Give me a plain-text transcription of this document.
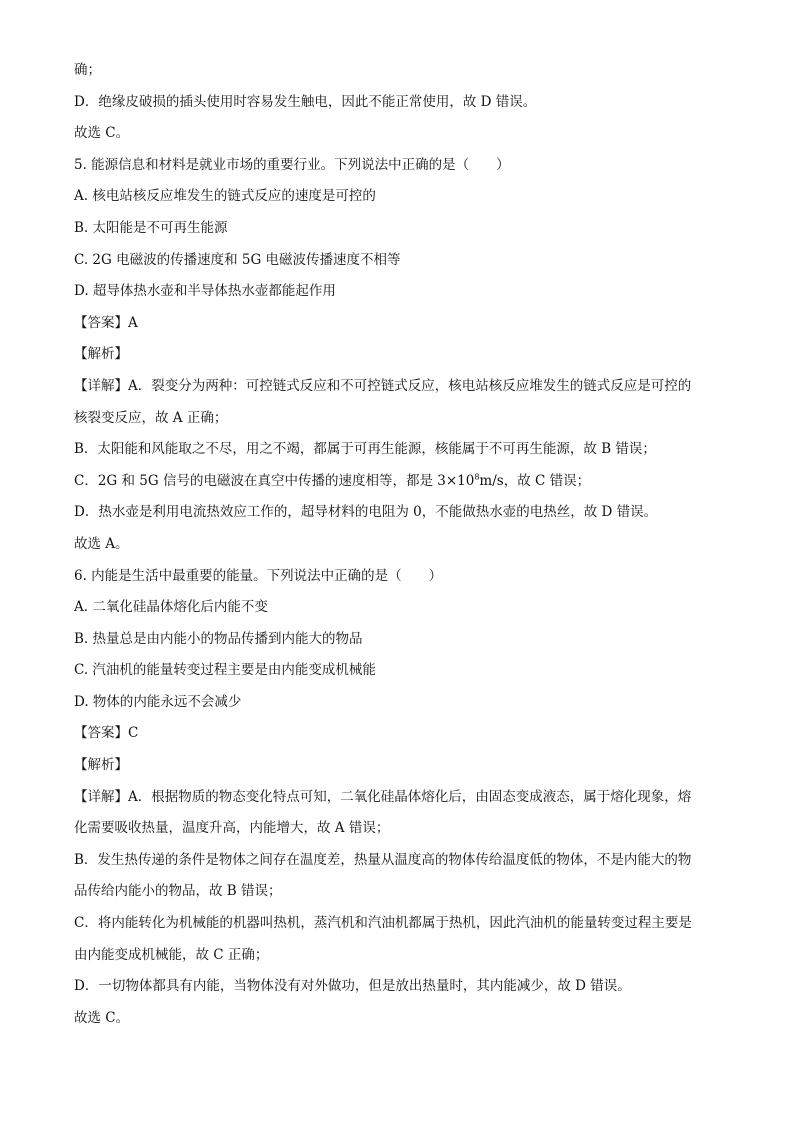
确；
D．绝缘皮破损的插头使用时容易发生触电，因此不能正常使用，故 D 错误。
故选 C。
5. 能源信息和材料是就业市场的重要行业。下列说法中正确的是（　　）
A. 核电站核反应堆发生的链式反应的速度是可控的
B. 太阳能是不可再生能源
C. 2G 电磁波的传播速度和 5G 电磁波传播速度不相等
D. 超导体热水壶和半导体热水壶都能起作用
【答案】A
【解析】
【详解】A．裂变分为两种：可控链式反应和不可控链式反应，核电站核反应堆发生的链式反应是可控的
核裂变反应，故 A 正确；
B．太阳能和风能取之不尽，用之不竭，都属于可再生能源，核能属于不可再生能源，故 B 错误；
C．2G 和 5G 信号的电磁波在真空中传播的速度相等，都是 $3\times 10^8m/s$，故 C 错误；
D．热水壶是利用电流热效应工作的，超导材料的电阻为 0，不能做热水壶的电热丝，故 D 错误。
故选 A。
6. 内能是生活中最重要的能量。下列说法中正确的是（　　）
A. 二氧化硅晶体熔化后内能不变
B. 热量总是由内能小的物品传播到内能大的物品
C. 汽油机的能量转变过程主要是由内能变成机械能
D. 物体的内能永远不会减少
【答案】C
【解析】
【详解】A．根据物质的物态变化特点可知，二氧化硅晶体熔化后，由固态变成液态，属于熔化现象，熔
化需要吸收热量，温度升高，内能增大，故 A 错误；
B．发生热传递的条件是物体之间存在温度差，热量从温度高的物体传给温度低的物体，不是内能大的物
品传给内能小的物品，故 B 错误；
C．将内能转化为机械能的机器叫热机，蒸汽机和汽油机都属于热机，因此汽油机的能量转变过程主要是
由内能变成机械能，故 C 正确；
D．一切物体都具有内能，当物体没有对外做功，但是放出热量时，其内能减少，故 D 错误。
故选 C。
